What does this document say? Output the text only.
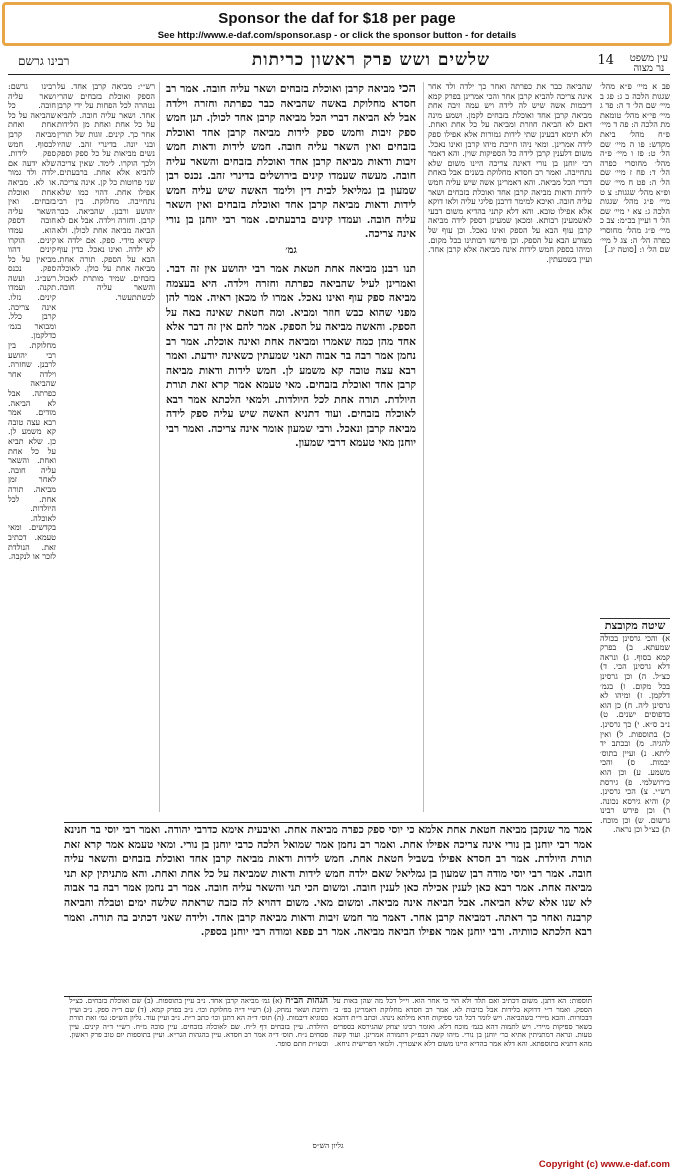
Sponsor the daf for $18 per page
See http://www.e-daf.com/sponsor.asp - or click the sponsor button - for details
עין משפט
נר מצוה
14
שלשים ושש פרק ראשון כריתות
רבינו גרשם
פב א מיי׳ פ״א מהל׳ שגגות הלכה ב ג: פג ב מיי׳ שם הל׳ ד ה: פד ג מיי׳ פי״א מהל׳ טומאת מת הלכה ה: פה ד מיי׳ פ״ח מהל׳ ביאת מקדש: פו ה מיי׳ שם הל׳ ט: פז ו מיי׳ פ״ה מהל׳ מחוסרי כפרה הל׳ ד: פח ז מיי׳ שם הל׳ ה: פט ח מיי׳ שם ופ״א מהל׳ שגגות: צ ט מיי׳ פ״ג מהל׳ שגגות הלכה ג: צא י מיי׳ שם הל׳ ד ועיין בכ״מ: צב כ מיי׳ פ״ג מהל׳ מחוסרי כפרה הל׳ ה: צג ל מיי׳ שם הל׳ ו: [סוטה יג.]
שיטה מקובצת

א) והכי גרסינן בכולה שמעתא. ב) בפרק קמא בסוף. ג) ונראה דלא גרסינן הכי. ד) כצ״ל. ה) וכן גרסינן בכל מקום. ו) בגמ׳ דלקמן. ז) ומיהו לא גרסינן ליה. ח) כן הוא בדפוסים ישנים. ט) נ״ב ס״א. י) כך גרסינן. כ) בתוספות. ל) ואין להגיה. מ) ובכתב יד ליתא. נ) ועיין בתוס׳ יבמות. ס) והכי משמע. ע) וכן הוא בירושלמי. פ) גירסת רש״י. צ) הכי גרסינן. ק) והיא גירסא נכונה. ר) וכן פירש רבינו גרשום. ש) וכן מוכח. ת) כצ״ל וכן נראה.

שהביאה כבר את כפרתה ואחר כך ילדה ולד אחר אינה צריכה להביא קרבן אחר והכי אמרינן בפרק קמא דיבמות אשה שיש לה לידה ויש עמה זיבה אחת מביאה קרבן אחד ואוכלת בזבחים לקמן. ושמע מינה דאם לא הביאה חוזרת ומביאה על כל אחת ואחת. ולא תימא דבעינן שתי לידות גמורות אלא אפילו ספק לידה אמרינן. ומאי ניהו חייבת מיהו קרבן ואינו נאכל. משום דלענין קרבן לידה כל הספיקות שוין. והא דאמר רבי יוחנן בן נורי דאינה צריכה היינו משום שלא נתחייבה. ואמר רב חסדא מחלוקת בשנים אבל באחת דברי הכל מביאה. והא דאמרינן אשה שיש עליה חמש לידות ודאות מביאה קרבן אחד ואוכלת בזבחים ושאר עליה חובה. ואיכא למימר דרבנן פליגי עליה ולאו דוקא אלא אפילו טובא. והא דלא קתני בהדיא משום דבעי לאשמעינן רבותא. ומכאן שמעינן דספק לידה מביאה קרבן עוף הבא על הספק ואינו נאכל. וכן עוף של מצורע הבא על הספק. וכן פירשו רבותינו בכל מקום. ומיהו בספק חמש לידות אינה מביאה אלא קרבן אחד. ועיין בשמעתין.

הכי מביאה קרבן ואוכלת בזבחים ושאר עליה חובה. אמר רב חסדא מחלוקת באשה שהביאה כבר כפרתה וחזרה וילדה אבל לא הביאה דברי הכל מביאה קרבן אחד לכולן. תנן חמש ספק זיבות וחמש ספק לידות מביאה קרבן אחד ואוכלת בזבחים ואין השאר עליה חובה. חמש לידות ודאות חמש זיבות ודאות מביאה קרבן אחד ואוכלת בזבחים והשאר עליה חובה. מעשה שעמדו קינים בירושלים בדינרי זהב. נכנס רבן שמעון בן גמליאל לבית דין ולימד האשה שיש עליה חמש לידות ודאות מביאה קרבן אחד ואוכלת בזבחים ואין השאר עליה חובה. ועמדו קינים ברבעתים. אמר רבי יוחנן בן נורי אינה צריכה.

גמ׳

תנו רבנן מביאה אחת חטאת אמר רבי יהושע אין זה דבר. ואמרינן לעיל שהביאה כפרתה וחזרה וילדה. היא בעצמה מביאה ספק עוף ואינו נאכל. אמרו לו מכאן ראיה. אמר להן מפני שהוא כבש חוזר ומביא. ומה חטאת שאינה באה על הספק. והאשה מביאה על הספק. אמר להם אין זה דבר אלא אחד מהן כמה שאמרו ומביאה אחת ואינה אוכלת. אמר רב נחמן אמר רבה בר אבוה תאני שמעתין כשאינה יודעת. ואמר רבא עצה טובה קא משמע לן. חמש לידות ודאות מביאה קרבן אחד ואוכלת בזבחים. מאי טעמא אמר קרא זאת תורת היולדת. תורה אחת לכל היולדות. ולמאי הלכתא אמר רבא לאוכלה בזבחים. ועוד דתניא האשה שיש עליה ספק לידה מביאה קרבן ונאכל. ורבי שמעון אומר אינה צריכה. ואמר רבי יוחנן מאי טעמא דרבי שמעון.

רש״י: מביאה קרבן אחד. על הספק ואוכלת בזבחים שהרי נטהרה לכל הפחות על ידי קרבן אחד. ושאר עליה חובה. להביא על כל אחת ואחת מן הלידות אחר כך. קינים. זוגות של תורין ובני יונה. בדינרי זהב. שהיו נשים מביאות על כל ספק וספק ולכך הוקרו. לימד. שאין צריכה להביא אלא אחת. ברבעתים. שני פרוטות כל קן. אינה צריכה. אפילו אחת. דהוי כמו שלא נתחייבה. מחלוקת. בין רבי יהושע ורבנן. שהביאה. כבר קרבן. וחזרה וילדה. אבל אם לא הביאה מביאה אחת לכולן. ולא קשיא מידי. ספק. אם ילדה או לא ילדה. ואינו נאכל. כדין עוף הבא על הספק. תורה אחת. מביאה אחת על כולן. לאוכלה בזבחים. שמיד מותרת לאכול. והשאר עליה חובה. לכשתתעשר.

רבינו גרשם: ושאר עליה חובה. כל שהביאה על כל אחת ואחת מביאה קרבן לבסוף. חמש ספק לידות. שלא ידעה אם ילדה ולד גמור או לא. מביאה אחת ואוכלת בזבחים. ואין השאר עליה חובה דספק הוא. עמדו קינים. הוקרו קינים דהוו מביאין על כל ספק. נכנס רשב״ג. ועשה תקנה. ועמדו קינים. נזלו. אינה צריכה. קרבן כלל. ומבואר בגמ׳ כדלקמן. מחלוקת. בין רבי יהושע לרבנן. שחזרה. וילדה אחר שהביאה כפרתה. אבל לא הביאה. מודים. אמר רבא עצה טובה קא משמע לן. כן. שלא תביא על כל אחת ואחת. והשאר עליה חובה. לאחר זמן מביאה. תורה אחת. לכל היולדות. לאוכלה. בקדשים. ומאי טעמא. דכתיב זאת. הנולדת לזכר או לנקבה.

אמר מר שנקבן מביאה חטאת אחת אלמא כי יוסי ספק כפרה מביאה אחת. ואיבעית אימא כדרבי יהודה. ואמר רבי יוסי בר חנינא אמר רבי יוחנן בן נורי אינה צריכה אפילו אחת. ואמר רב נחמן אמר שמואל הלכה כרבי יוחנן בן נורי. ומאי טעמא אמר קרא זאת תורת היולדת. אמר רב חסדא אפילו בשביל חטאת אחת. חמש לידות ודאות מביאה קרבן אחד ואוכלת בזבחים והשאר עליה חובה. אמר רבי יוסי מודה רבן שמעון בן גמליאל שאם ילדה חמש לידות ודאות שמביאה על כל אחת ואחת. והא מתניתין קא תני מביאה אחת. אמר רבא כאן לענין אכילה כאן לענין חובה. ומשום הכי תני והשאר עליה חובה. אמר רב נחמן אמר רבה בר אבוה לא שנו אלא שלא הביאה. אבל הביאה אינה מביאה. ומשום מאי. משום דהויא לה כזבה שראתה שלשה ימים וטבלה והביאה קרבנה ואחר כך ראתה. דמביאה קרבן אחר. דאמר מר חמש זיבות ודאות מביאה קרבן אחד. ולידה שאני דכתיב בה תורה. ואמר רבא הלכתא כוותיה. ורבי יוחנן אמר אפילו הביאה מביאה. אמר רב פפא ומודה רבי יוחנן בספק.

תוספות: הא דתנן. משום דכתיב ואם תלד ולא הוי כי אחר הוא. וי״ל דכל מה שהן באות על הספק. ואמר ר״י דדוקא בלידות אבל בזיבות לא. אמר רב חסדא מחלוקת דאמרינן בפ׳ ב׳ דבכורות. והכא מיירי כשהביאה. ויש לומר דכל הני ספיקות חדא מילתא נינהו. וכתב ר״ת דהכא בשאר ספיקות מיירי. ויש לתמוה דהא בגמ׳ מוכח דלא. ואומר רבינו יצחק שהגירסא בספרים טעות. ונראה דמתניתין אתיא כר׳ יוחנן בן נורי. מיהו קשה דבפ״ק דתמורה אמרינן. ועוד קשה מהא דתניא בתוספתא. והא דלא אמר בהדיא היינו משום דלא איצטריך. ולמאי דפרישית ניחא.
הגהות הב״ח (א) גמ׳ מביאה קרבן אחד. נ״ב עיין בתוספות. (ב) שם ואוכלת בזבחים. כצ״ל ותיבת ושאר נמחק. (ג) רש״י ד״ה מחלוקת וכו׳. נ״ב בפרק קמא. (ד) שם ד״ה ספק. נ״ב ועיין בסוגיא דיבמות. (ה) תוס׳ ד״ה הא דתנן וכו׳ כתב ר״ת. נ״ב ועיין עוד. גליון הש״ס: גמ׳ זאת תורת היולדת. עיין בזבחים דף ל״ח. שם לאוכלה בזבחים. עיין סוכה מ״ח. רש״י ד״ה קינים. עיין פסחים נ״ח. תוס׳ ד״ה אמר רב חסדא. עיין בהגהות הגר״א. ועיין בתוספות יום טוב פרק ראשון. ובשו״ת חתם סופר.
גליון הש״ס
Copyright (c) www.e-daf.com
